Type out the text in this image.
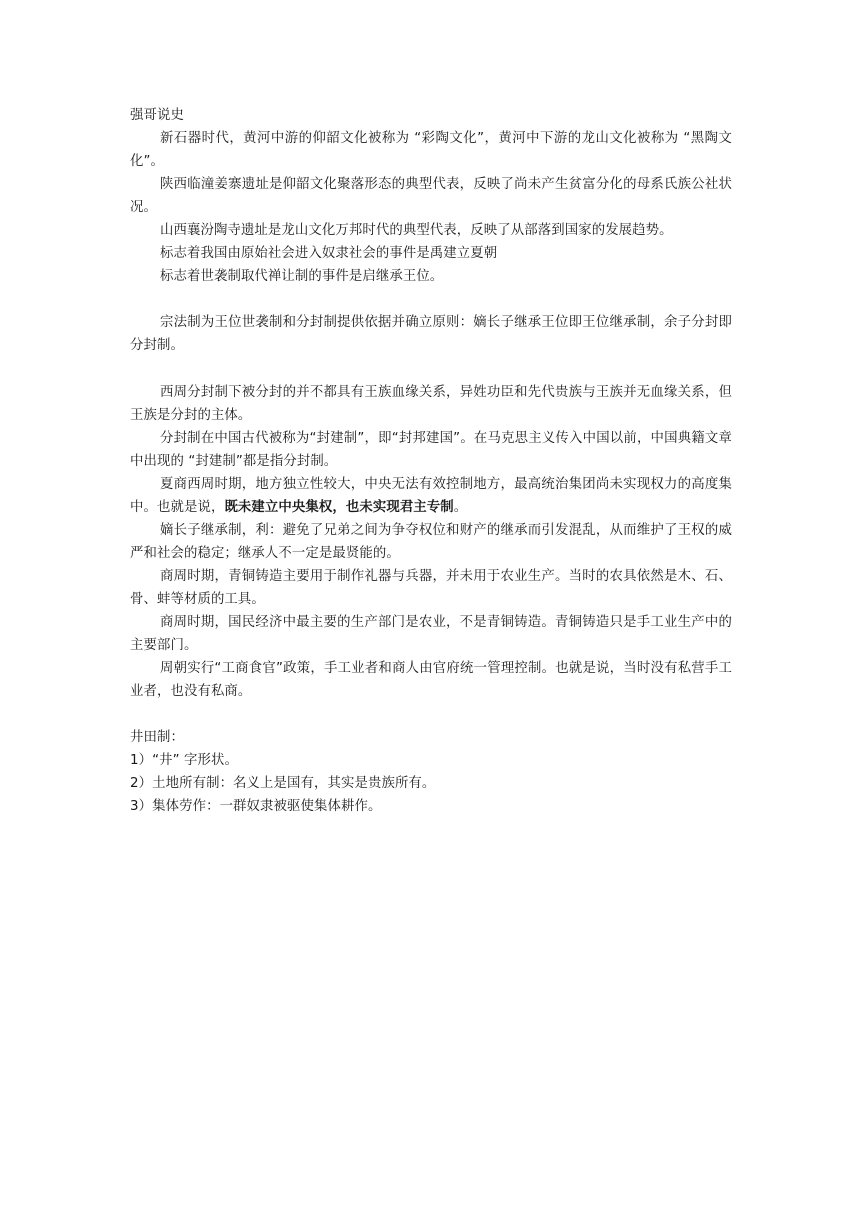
强哥说史

新石器时代，黄河中游的仰韶文化被称为 “彩陶文化”，黄河中下游的龙山文化被称为 “黑陶文化”。

陕西临潼姜寨遗址是仰韶文化聚落形态的典型代表，反映了尚未产生贫富分化的母系氏族公社状况。

山西襄汾陶寺遗址是龙山文化万邦时代的典型代表，反映了从部落到国家的发展趋势。

标志着我国由原始社会进入奴隶社会的事件是禹建立夏朝

标志着世袭制取代禅让制的事件是启继承王位。

宗法制为王位世袭制和分封制提供依据并确立原则：嫡长子继承王位即王位继承制，余子分封即分封制。

西周分封制下被分封的并不都具有王族血缘关系，异姓功臣和先代贵族与王族并无血缘关系，但王族是分封的主体。

分封制在中国古代被称为“封建制”，即“封邦建国”。在马克思主义传入中国以前，中国典籍文章中出现的 “封建制”都是指分封制。

夏商西周时期，地方独立性较大，中央无法有效控制地方，最高统治集团尚未实现权力的高度集中。也就是说，既未建立中央集权，也未实现君主专制。

嫡长子继承制，利：避免了兄弟之间为争夺权位和财产的继承而引发混乱，从而维护了王权的威严和社会的稳定；继承人不一定是最贤能的。

商周时期，青铜铸造主要用于制作礼器与兵器，并未用于农业生产。当时的农具依然是木、石、骨、蚌等材质的工具。

商周时期，国民经济中最主要的生产部门是农业，不是青铜铸造。青铜铸造只是手工业生产中的主要部门。

周朝实行“工商食官”政策，手工业者和商人由官府统一管理控制。也就是说，当时没有私营手工业者，也没有私商。

井田制：

1）“井” 字形状。

2）土地所有制：名义上是国有，其实是贵族所有。

3）集体劳作：一群奴隶被驱使集体耕作。
